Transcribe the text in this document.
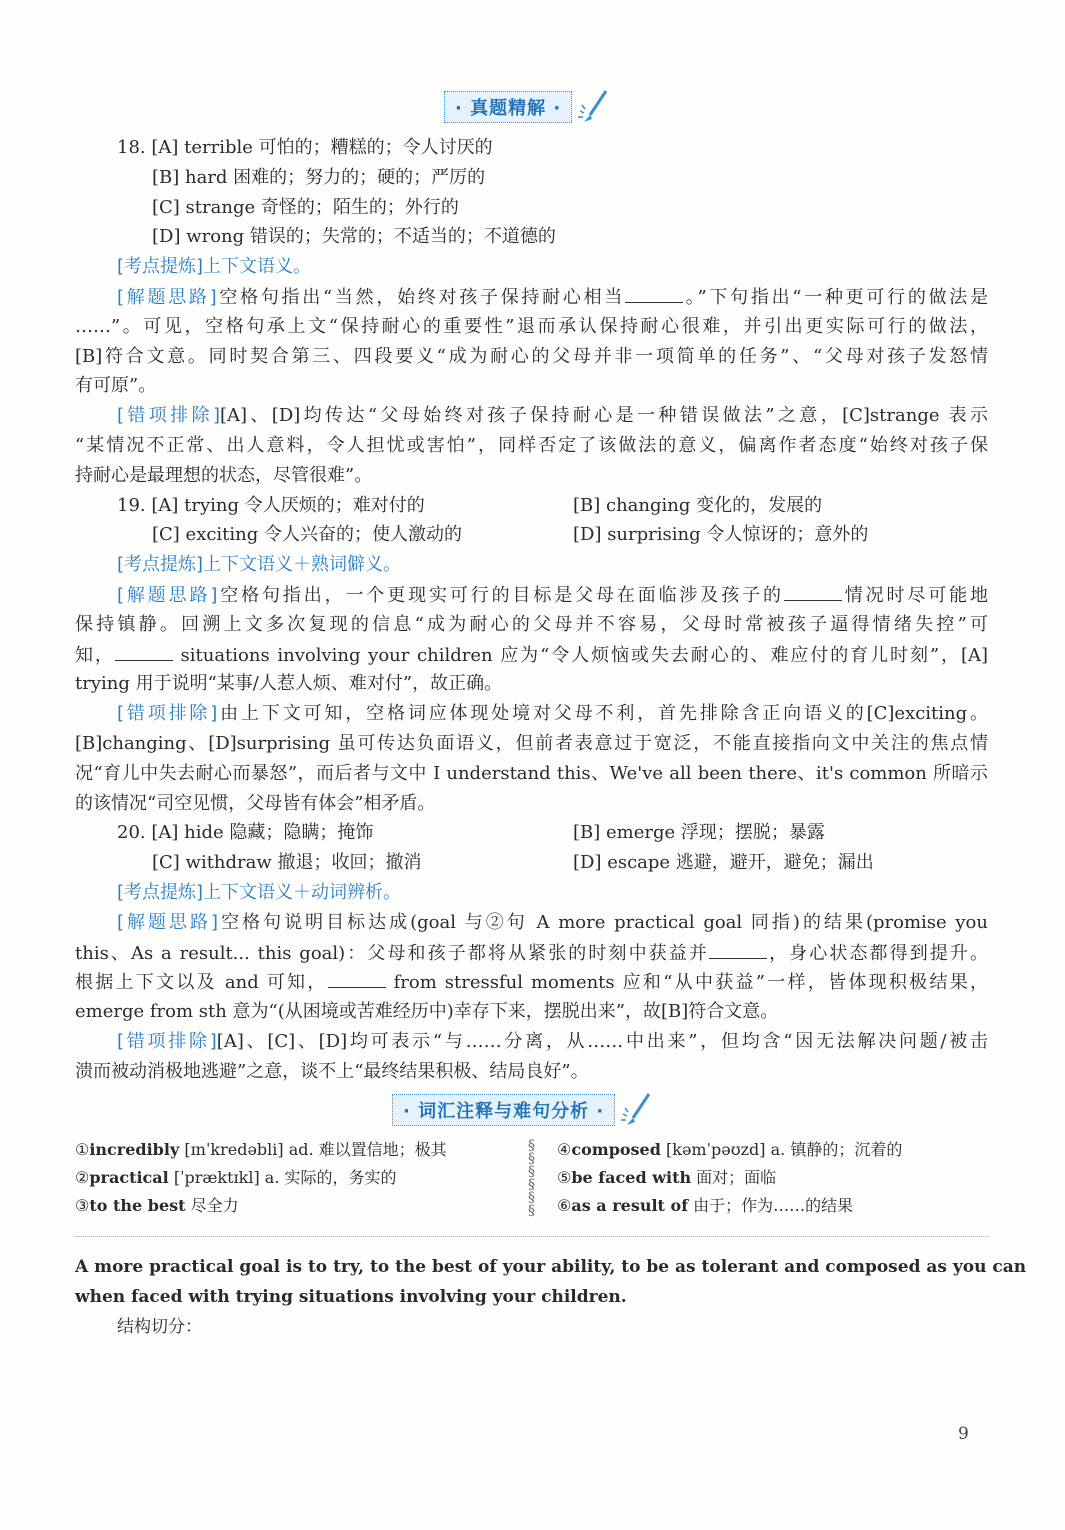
· 真题精解 ·
18. [A] terrible 可怕的；糟糕的；令人讨厌的
[B] hard 困难的；努力的；硬的；严厉的
[C] strange 奇怪的；陌生的；外行的
[D] wrong 错误的；失常的；不适当的；不道德的
[考点提炼]上下文语义。
[解题思路]空格句指出“当然，始终对孩子保持耐心相当	。”下句指出“一种更可行的做法是
……”。可见，空格句承上文“保持耐心的重要性”退而承认保持耐心很难，并引出更实际可行的做法，
[B]符合文意。同时契合第三、四段要义“成为耐心的父母并非一项简单的任务”、“父母对孩子发怒情
有可原”。
[错项排除][A]、[D]均传达“父母始终对孩子保持耐心是一种错误做法”之意，[C]strange 表示
“某情况不正常、出人意料，令人担忧或害怕”，同样否定了该做法的意义，偏离作者态度“始终对孩子保
持耐心是最理想的状态，尽管很难”。
19. [A] trying 令人厌烦的；难对付的	[B] changing 变化的，发展的
[C] exciting 令人兴奋的；使人激动的	[D] surprising 令人惊讶的；意外的
[考点提炼]上下文语义＋熟词僻义。
[解题思路]空格句指出，一个更现实可行的目标是父母在面临涉及孩子的	情况时尽可能地
保持镇静。回溯上文多次复现的信息“成为耐心的父母并不容易，父母时常被孩子逼得情绪失控”可
知，	situations involving your children 应为“令人烦恼或失去耐心的、难应付的育儿时刻”，[A]
trying 用于说明“某事/人惹人烦、难对付”，故正确。
[错项排除]由上下文可知，空格词应体现处境对父母不利，首先排除含正向语义的[C]exciting。
[B]changing、[D]surprising 虽可传达负面语义，但前者表意过于宽泛，不能直接指向文中关注的焦点情
况“育儿中失去耐心而暴怒”，而后者与文中 I understand this、We've all been there、it's common 所暗示
的该情况“司空见惯，父母皆有体会”相矛盾。
20. [A] hide 隐藏；隐瞒；掩饰	[B] emerge 浮现；摆脱；暴露
[C] withdraw 撤退；收回；撤消	[D] escape 逃避，避开，避免；漏出
[考点提炼]上下文语义＋动词辨析。
[解题思路]空格句说明目标达成(goal 与②句 A more practical goal 同指)的结果(promise you
this、As a result... this goal)：父母和孩子都将从紧张的时刻中获益并	，身心状态都得到提升。
根据上下文以及 and 可知，	from stressful moments 应和“从中获益”一样，皆体现积极结果，
emerge from sth 意为“(从困境或苦难经历中)幸存下来，摆脱出来”，故[B]符合文意。
[错项排除][A]、[C]、[D]均可表示“与……分离，从……中出来”，但均含“因无法解决问题/被击
溃而被动消极地逃避”之意，谈不上“最终结果积极、结局良好”。
· 词汇注释与难句分析 ·
①incredibly [ɪnˈkredəbli] ad. 难以置信地；极其
②practical [ˈpræktɪkl] a. 实际的，务实的
③to the best 尽全力
④composed [kəmˈpəʊzd] a. 镇静的；沉着的
⑤be faced with 面对；面临
⑥as a result of 由于；作为……的结果
§
§
§
§
§
§
A more practical goal is to try, to the best of your ability, to be as tolerant and composed as you can
when faced with trying situations involving your children.
结构切分：
9
